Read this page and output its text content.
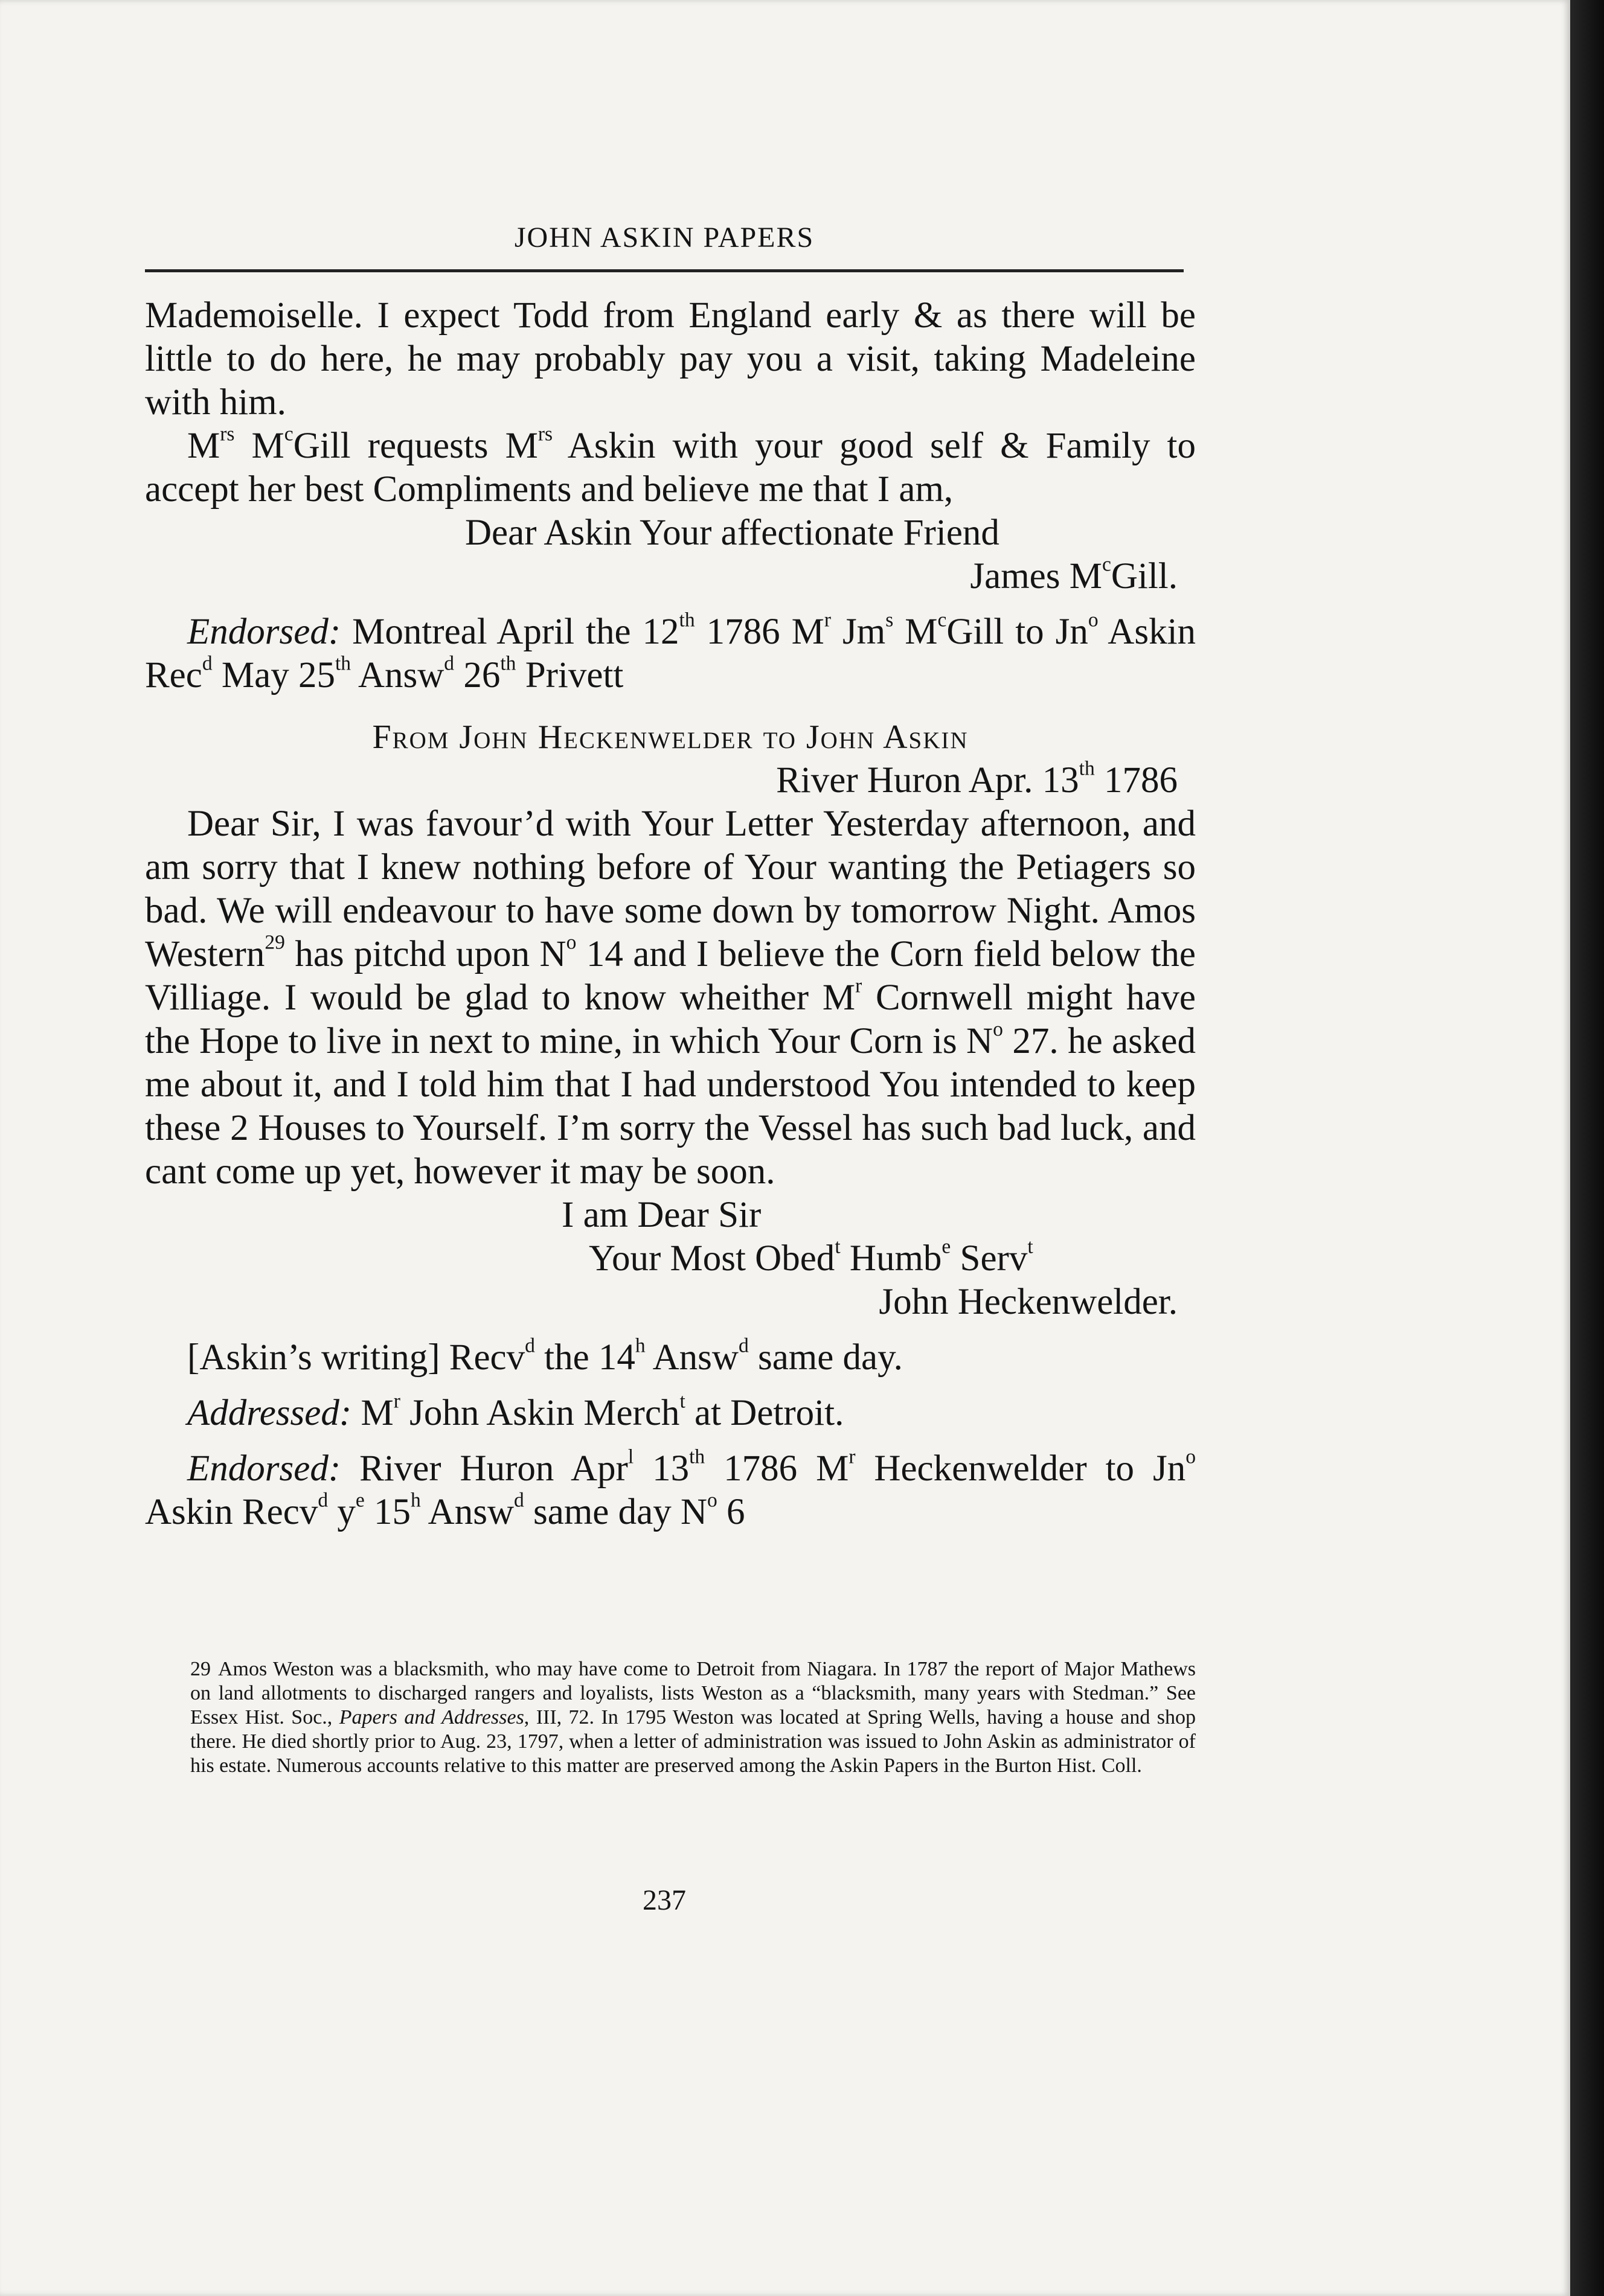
JOHN ASKIN PAPERS

Mademoiselle. I expect Todd from England early & as there will be little to do here, he may probably pay you a visit, taking Madeleine with him.

$M^{rs}$ $M^cGill$ requests $M^{rs}$ Askin with your good self & Family to accept her best Compliments and believe me that I am,

Dear Askin Your affectionate Friend

James $M^cGill$.

Endorsed: Montreal April the 12th 1786 $M^r$ Jm$^s$ $M^cGill$ to Jn$^o$ Askin Rec$^d$ May 25th Answ$^d$ 26th Privett

From John Heckenwelder to John Askin

River Huron Apr. 13th 1786

Dear Sir, I was favour’d with Your Letter Yesterday afternoon, and am sorry that I knew nothing before of Your wanting the Petiagers so bad. We will endeavour to have some down by tomorrow Night. Amos Western$^{29}$ has pitchd upon $N^o$ 14 and I believe the Corn field below the Villiage. I would be glad to know wheither $M^r$ Cornwell might have the Hope to live in next to mine, in which Your Corn is $N^o$ 27. he asked me about it, and I told him that I had understood You intended to keep these 2 Houses to Yourself. I’m sorry the Vessel has such bad luck, and cant come up yet, however it may be soon.

I am Dear Sir

Your Most Obed$^t$ Humb$^e$ Serv$^t$

John Heckenwelder.

[Askin’s writing] Recv$^d$ the 14$^h$ Answ$^d$ same day.

Addressed: $M^r$ John Askin Merch$^t$ at Detroit.

Endorsed: River Huron Apr$^l$ 13th 1786 $M^r$ Heckenwelder to Jn$^o$ Askin Recv$^d$ $y^e$ 15$^h$ Answ$^d$ same day $N^o$ 6

29 Amos Weston was a blacksmith, who may have come to Detroit from Niagara. In 1787 the report of Major Mathews on land allotments to discharged rangers and loyalists, lists Weston as a “blacksmith, many years with Stedman.” See Essex Hist. Soc., Papers and Addresses, III, 72. In 1795 Weston was located at Spring Wells, having a house and shop there. He died shortly prior to Aug. 23, 1797, when a letter of administration was issued to John Askin as administrator of his estate. Numerous accounts relative to this matter are preserved among the Askin Papers in the Burton Hist. Coll.

237
